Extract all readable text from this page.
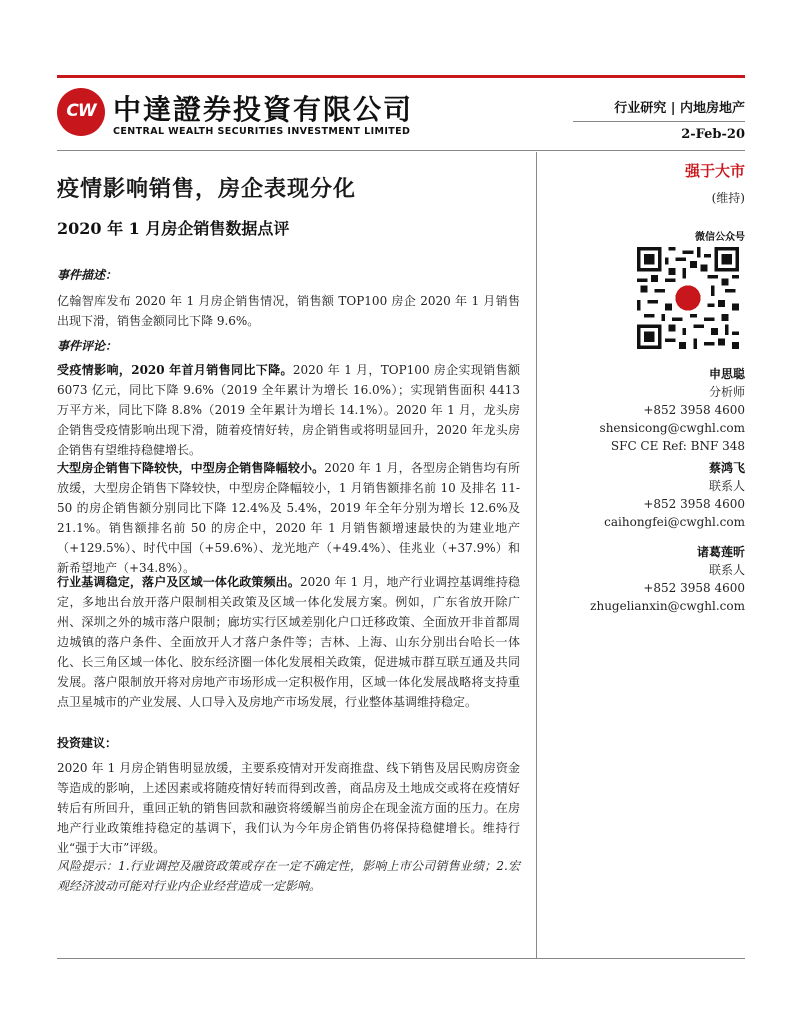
CW 中達證券投資有限公司
CENTRAL WEALTH SECURITIES INVESTMENT LIMITED
行业研究 | 内地房地产
2-Feb-20
疫情影响销售，房企表现分化
2020 年 1 月房企销售数据点评
事件描述：
亿翰智库发布 2020 年 1 月房企销售情况，销售额 TOP100 房企 2020 年 1 月销售出现下滑，销售金额同比下降 9.6%。
事件评论：
受疫情影响，2020 年首月销售同比下降。2020 年 1 月，TOP100 房企实现销售额 6073 亿元，同比下降 9.6%（2019 全年累计为增长 16.0%）；实现销售面积 4413 万平方米，同比下降 8.8%（2019 全年累计为增长 14.1%）。2020 年 1 月，龙头房企销售受疫情影响出现下滑，随着疫情好转，房企销售或将明显回升，2020 年龙头房企销售有望维持稳健增长。
大型房企销售下降较快，中型房企销售降幅较小。2020 年 1 月，各型房企销售均有所放缓，大型房企销售下降较快，中型房企降幅较小，1 月销售额排名前 10 及排名 11-50 的房企销售额分别同比下降 12.4%及 5.4%，2019 年全年分别为增长 12.6%及 21.1%。销售额排名前 50 的房企中，2020 年 1 月销售额增速最快的为建业地产（+129.5%）、时代中国（+59.6%）、龙光地产（+49.4%）、佳兆业（+37.9%）和新希望地产（+34.8%）。
行业基调稳定，落户及区域一体化政策频出。2020 年 1 月，地产行业调控基调维持稳定，多地出台放开落户限制相关政策及区域一体化发展方案。例如，广东省放开除广州、深圳之外的城市落户限制；廊坊实行区域差别化户口迁移政策、全面放开非首都周边城镇的落户条件、全面放开人才落户条件等；吉林、上海、山东分别出台哈长一体化、长三角区域一体化、胶东经济圈一体化发展相关政策，促进城市群互联互通及共同发展。落户限制放开将对房地产市场形成一定积极作用，区域一体化发展战略将支持重点卫星城市的产业发展、人口导入及房地产市场发展，行业整体基调维持稳定。
投资建议：
2020 年 1 月房企销售明显放缓，主要系疫情对开发商推盘、线下销售及居民购房资金等造成的影响，上述因素或将随疫情好转而得到改善，商品房及土地成交或将在疫情好转后有所回升，重回正轨的销售回款和融资将缓解当前房企在现金流方面的压力。在房地产行业政策维持稳定的基调下，我们认为今年房企销售仍将保持稳健增长。维持行业“强于大市”评级。
风险提示：1.行业调控及融资政策或存在一定不确定性，影响上市公司销售业绩；2.宏观经济波动可能对行业内企业经营造成一定影响。
强于大市
(维持)
微信公众号
申思聪
分析师
+852 3958 4600
shensicong@cwghl.com
SFC CE Ref: BNF 348
蔡鸿飞
联系人
+852 3958 4600
caihongfei@cwghl.com
诸葛莲昕
联系人
+852 3958 4600
zhugelianxin@cwghl.com
